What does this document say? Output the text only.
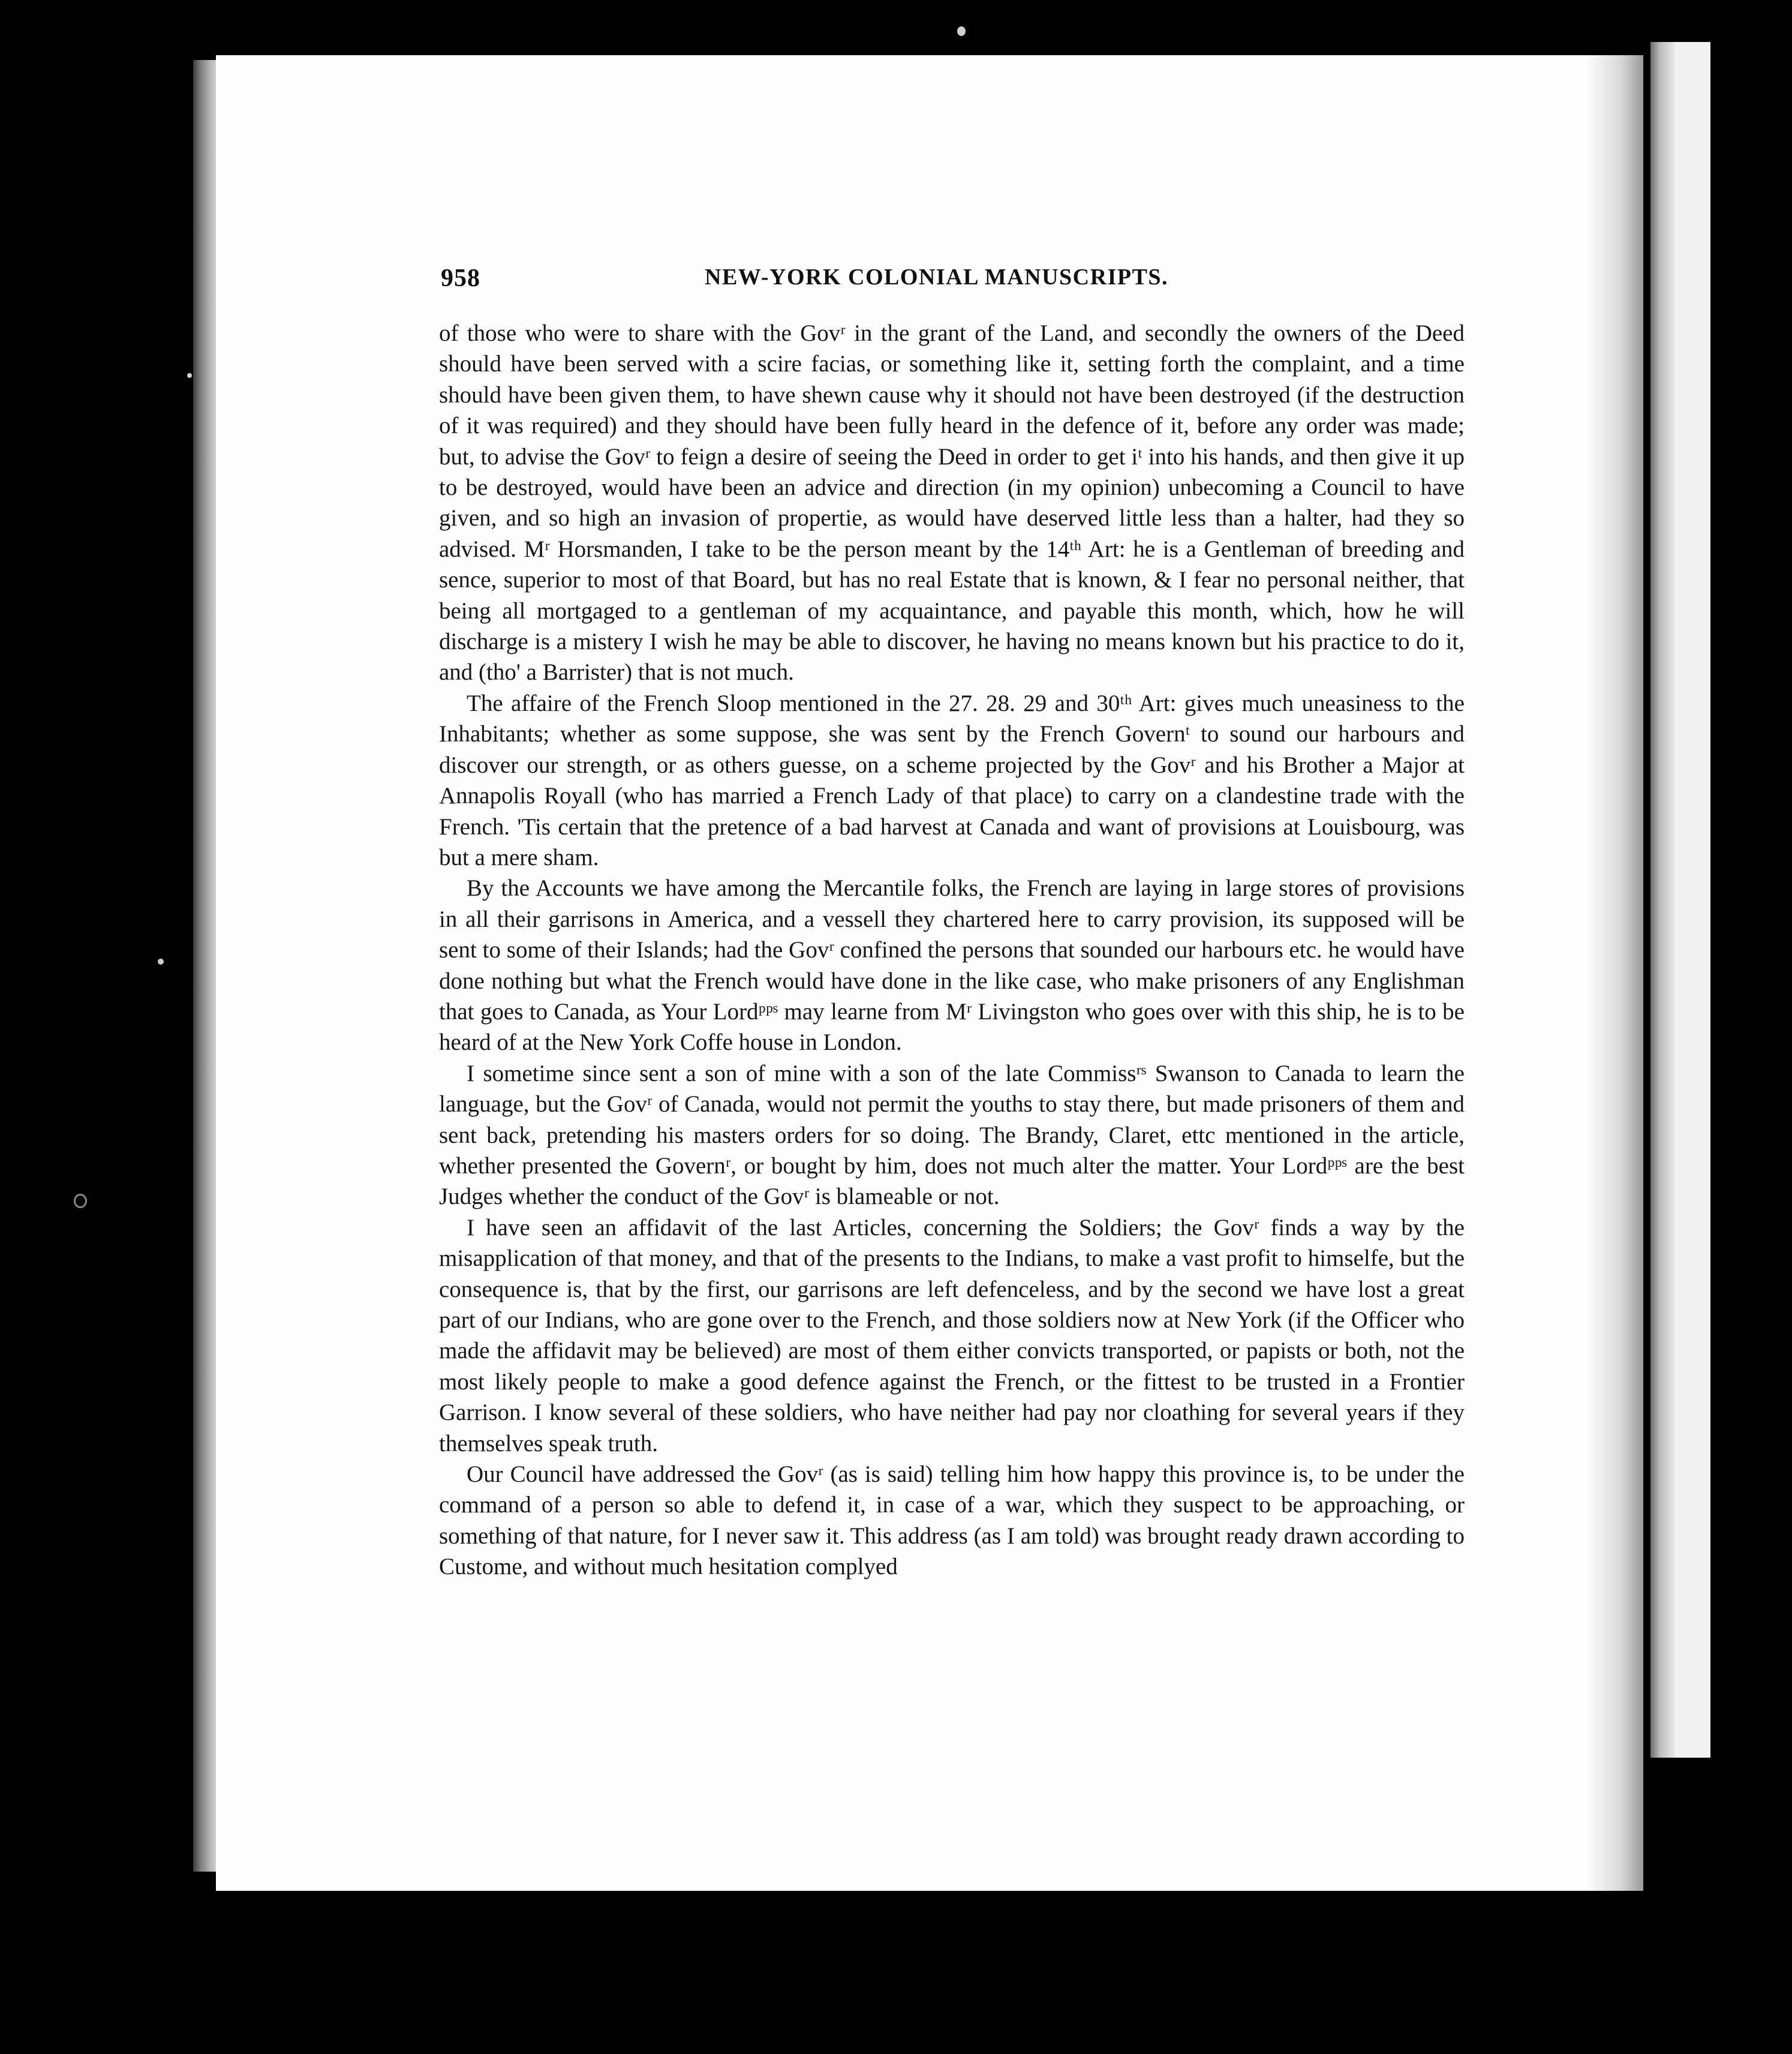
958	NEW-YORK COLONIAL MANUSCRIPTS.

of those who were to share with the Govʳ in the grant of the Land, and secondly the owners of the Deed should have been served with a scire facias, or something like it, setting forth the complaint, and a time should have been given them, to have shewn cause why it should not have been destroyed (if the destruction of it was required) and they should have been fully heard in the defence of it, before any order was made; but, to advise the Govʳ to feign a desire of seeing the Deed in order to get iᵗ into his hands, and then give it up to be destroyed, would have been an advice and direction (in my opinion) unbecoming a Council to have given, and so high an invasion of propertie, as would have deserved little less than a halter, had they so advised. Mʳ Horsmanden, I take to be the person meant by the 14ᵗʰ Art: he is a Gentleman of breeding and sence, superior to most of that Board, but has no real Estate that is known, & I fear no personal neither, that being all mortgaged to a gentleman of my acquaintance, and payable this month, which, how he will discharge is a mistery I wish he may be able to discover, he having no means known but his practice to do it, and (tho' a Barrister) that is not much.

The affaire of the French Sloop mentioned in the 27. 28. 29 and 30ᵗʰ Art: gives much uneasiness to the Inhabitants; whether as some suppose, she was sent by the French Governᵗ to sound our harbours and discover our strength, or as others guesse, on a scheme projected by the Govʳ and his Brother a Major at Annapolis Royall (who has married a French Lady of that place) to carry on a clandestine trade with the French. 'Tis certain that the pretence of a bad harvest at Canada and want of provisions at Louisbourg, was but a mere sham.

By the Accounts we have among the Mercantile folks, the French are laying in large stores of provisions in all their garrisons in America, and a vessell they chartered here to carry provision, its supposed will be sent to some of their Islands; had the Govʳ confined the persons that sounded our harbours etc. he would have done nothing but what the French would have done in the like case, who make prisoners of any Englishman that goes to Canada, as Your Lordᵖᵖˢ may learne from Mʳ Livingston who goes over with this ship, he is to be heard of at the New York Coffe house in London.

I sometime since sent a son of mine with a son of the late Commissʳˢ Swanson to Canada to learn the language, but the Govʳ of Canada, would not permit the youths to stay there, but made prisoners of them and sent back, pretending his masters orders for so doing. The Brandy, Claret, ettc mentioned in the article, whether presented the Governʳ, or bought by him, does not much alter the matter. Your Lordᵖᵖˢ are the best Judges whether the conduct of the Govʳ is blameable or not.

I have seen an affidavit of the last Articles, concerning the Soldiers; the Govʳ finds a way by the misapplication of that money, and that of the presents to the Indians, to make a vast profit to himselfe, but the consequence is, that by the first, our garrisons are left defenceless, and by the second we have lost a great part of our Indians, who are gone over to the French, and those soldiers now at New York (if the Officer who made the affidavit may be believed) are most of them either convicts transported, or papists or both, not the most likely people to make a good defence against the French, or the fittest to be trusted in a Frontier Garrison. I know several of these soldiers, who have neither had pay nor cloathing for several years if they themselves speak truth.

Our Council have addressed the Govʳ (as is said) telling him how happy this province is, to be under the command of a person so able to defend it, in case of a war, which they suspect to be approaching, or something of that nature, for I never saw it. This address (as I am told) was brought ready drawn according to Custome, and without much hesitation complyed
